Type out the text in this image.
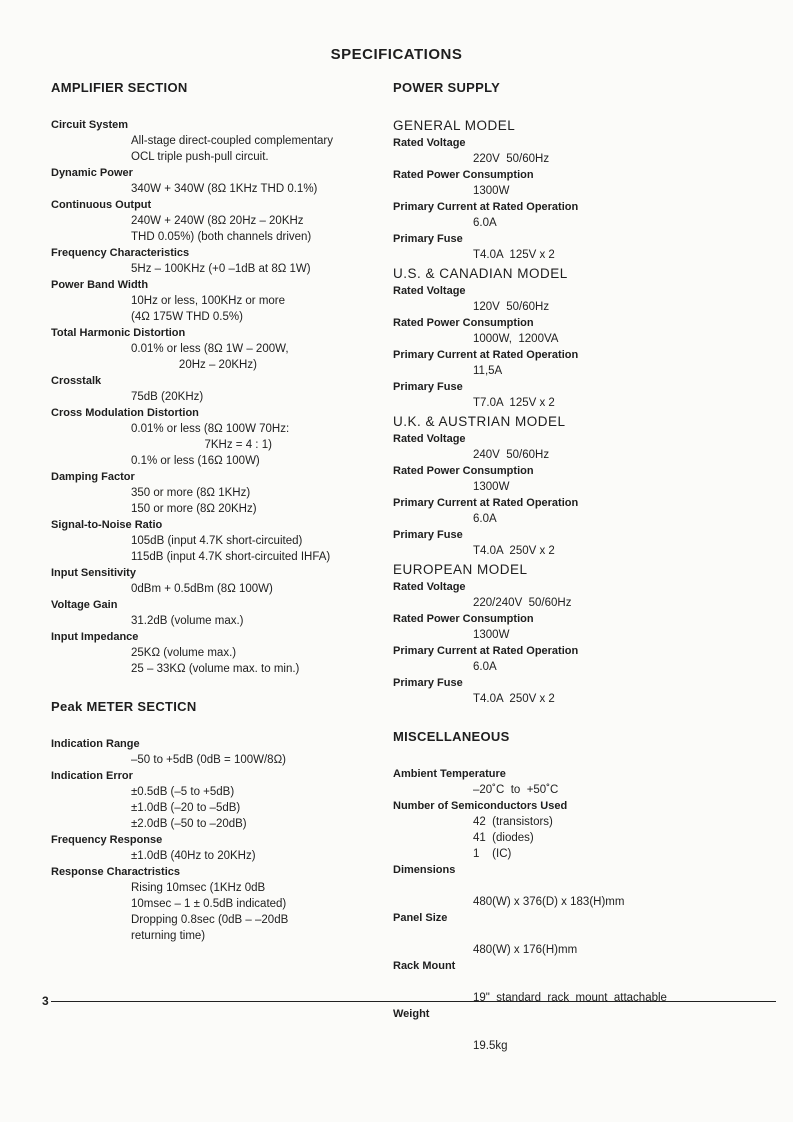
SPECIFICATIONS
AMPLIFIER SECTION
Circuit System
All-stage direct-coupled complementary
OCL triple push-pull circuit.
Dynamic Power
340W + 340W (8Ω 1KHz THD 0.1%)
Continuous Output
240W + 240W (8Ω 20Hz – 20KHz
THD 0.05%) (both channels driven)
Frequency Characteristics
5Hz – 100KHz (+0 –1dB at 8Ω 1W)
Power Band Width
10Hz or less, 100KHz or more
(4Ω 175W THD 0.5%)
Total Harmonic Distortion
0.01% or less (8Ω 1W – 200W,
20Hz – 20KHz)
Crosstalk
75dB (20KHz)
Cross Modulation Distortion
0.01% or less (8Ω 100W 70Hz:
7KHz = 4 : 1)
0.1% or less (16Ω 100W)
Damping Factor
350 or more (8Ω 1KHz)
150 or more (8Ω 20KHz)
Signal-to-Noise Ratio
105dB (input 4.7K short-circuited)
115dB (input 4.7K short-circuited IHFA)
Input Sensitivity
0dBm + 0.5dBm (8Ω 100W)
Voltage Gain
31.2dB (volume max.)
Input Impedance
25KΩ (volume max.)
25 – 33KΩ (volume max. to min.)
Peak METER SECTICN
Indication Range
–50 to +5dB (0dB = 100W/8Ω)
Indication Error
±0.5dB (–5 to +5dB)
±1.0dB (–20 to –5dB)
±2.0dB (–50 to –20dB)
Frequency Response
±1.0dB (40Hz to 20KHz)
Response Charactristics
Rising 10msec (1KHz 0dB
10msec – 1 ± 0.5dB indicated)
Dropping 0.8sec (0dB – –20dB
returning time)
POWER SUPPLY
GENERAL MODEL
Rated Voltage
220V  50/60Hz
Rated Power Consumption
1300W
Primary Current at Rated Operation
6.0A
Primary Fuse
T4.0A  125V x 2
U.S. & CANADIAN MODEL
Rated Voltage
120V  50/60Hz
Rated Power Consumption
1000W,  1200VA
Primary Current at Rated Operation
11,5A
Primary Fuse
T7.0A  125V x 2
U.K. & AUSTRIAN MODEL
Rated Voltage
240V  50/60Hz
Rated Power Consumption
1300W
Primary Current at Rated Operation
6.0A
Primary Fuse
T4.0A  250V x 2
EUROPEAN MODEL
Rated Voltage
220/240V  50/60Hz
Rated Power Consumption
1300W
Primary Current at Rated Operation
6.0A
Primary Fuse
T4.0A  250V x 2
MISCELLANEOUS
Ambient Temperature
–20˚C  to  +50˚C
Number of Semiconductors Used
42  (transistors)
41  (diodes)
1    (IC)
Dimensions

480(W) x 376(D) x 183(H)mm
Panel Size

480(W) x 176(H)mm
Rack Mount

19"  standard  rack  mount  attachable
Weight

19.5kg
3
